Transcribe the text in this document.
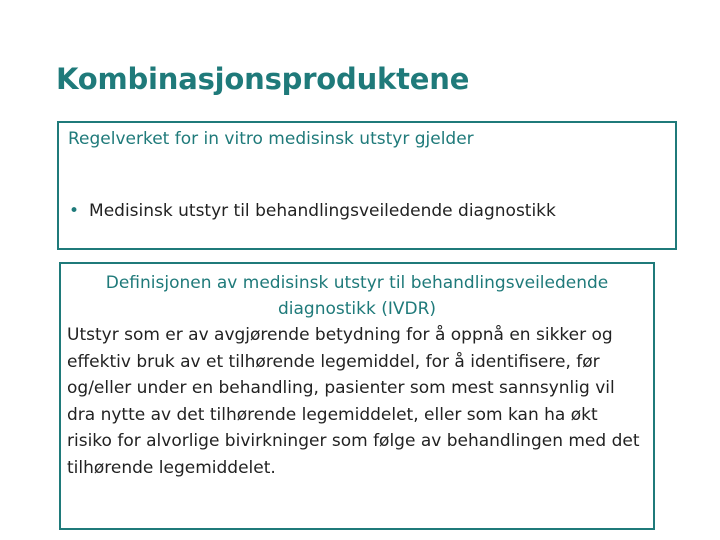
Kombinasjonsproduktene
Regelverket for in vitro medisinsk utstyr gjelder
• Medisinsk utstyr til behandlingsveiledende diagnostikk

Definisjonen av medisinsk utstyr til behandlingsveiledende diagnostikk (IVDR)

Utstyr som er av avgjørende betydning for å oppnå en sikker og effektiv bruk av et tilhørende legemiddel, for å identifisere, før og/eller under en behandling, pasienter som mest sannsynlig vil dra nytte av det tilhørende legemiddelet, eller som kan ha økt risiko for alvorlige bivirkninger som følge av behandlingen med det tilhørende legemiddelet.
